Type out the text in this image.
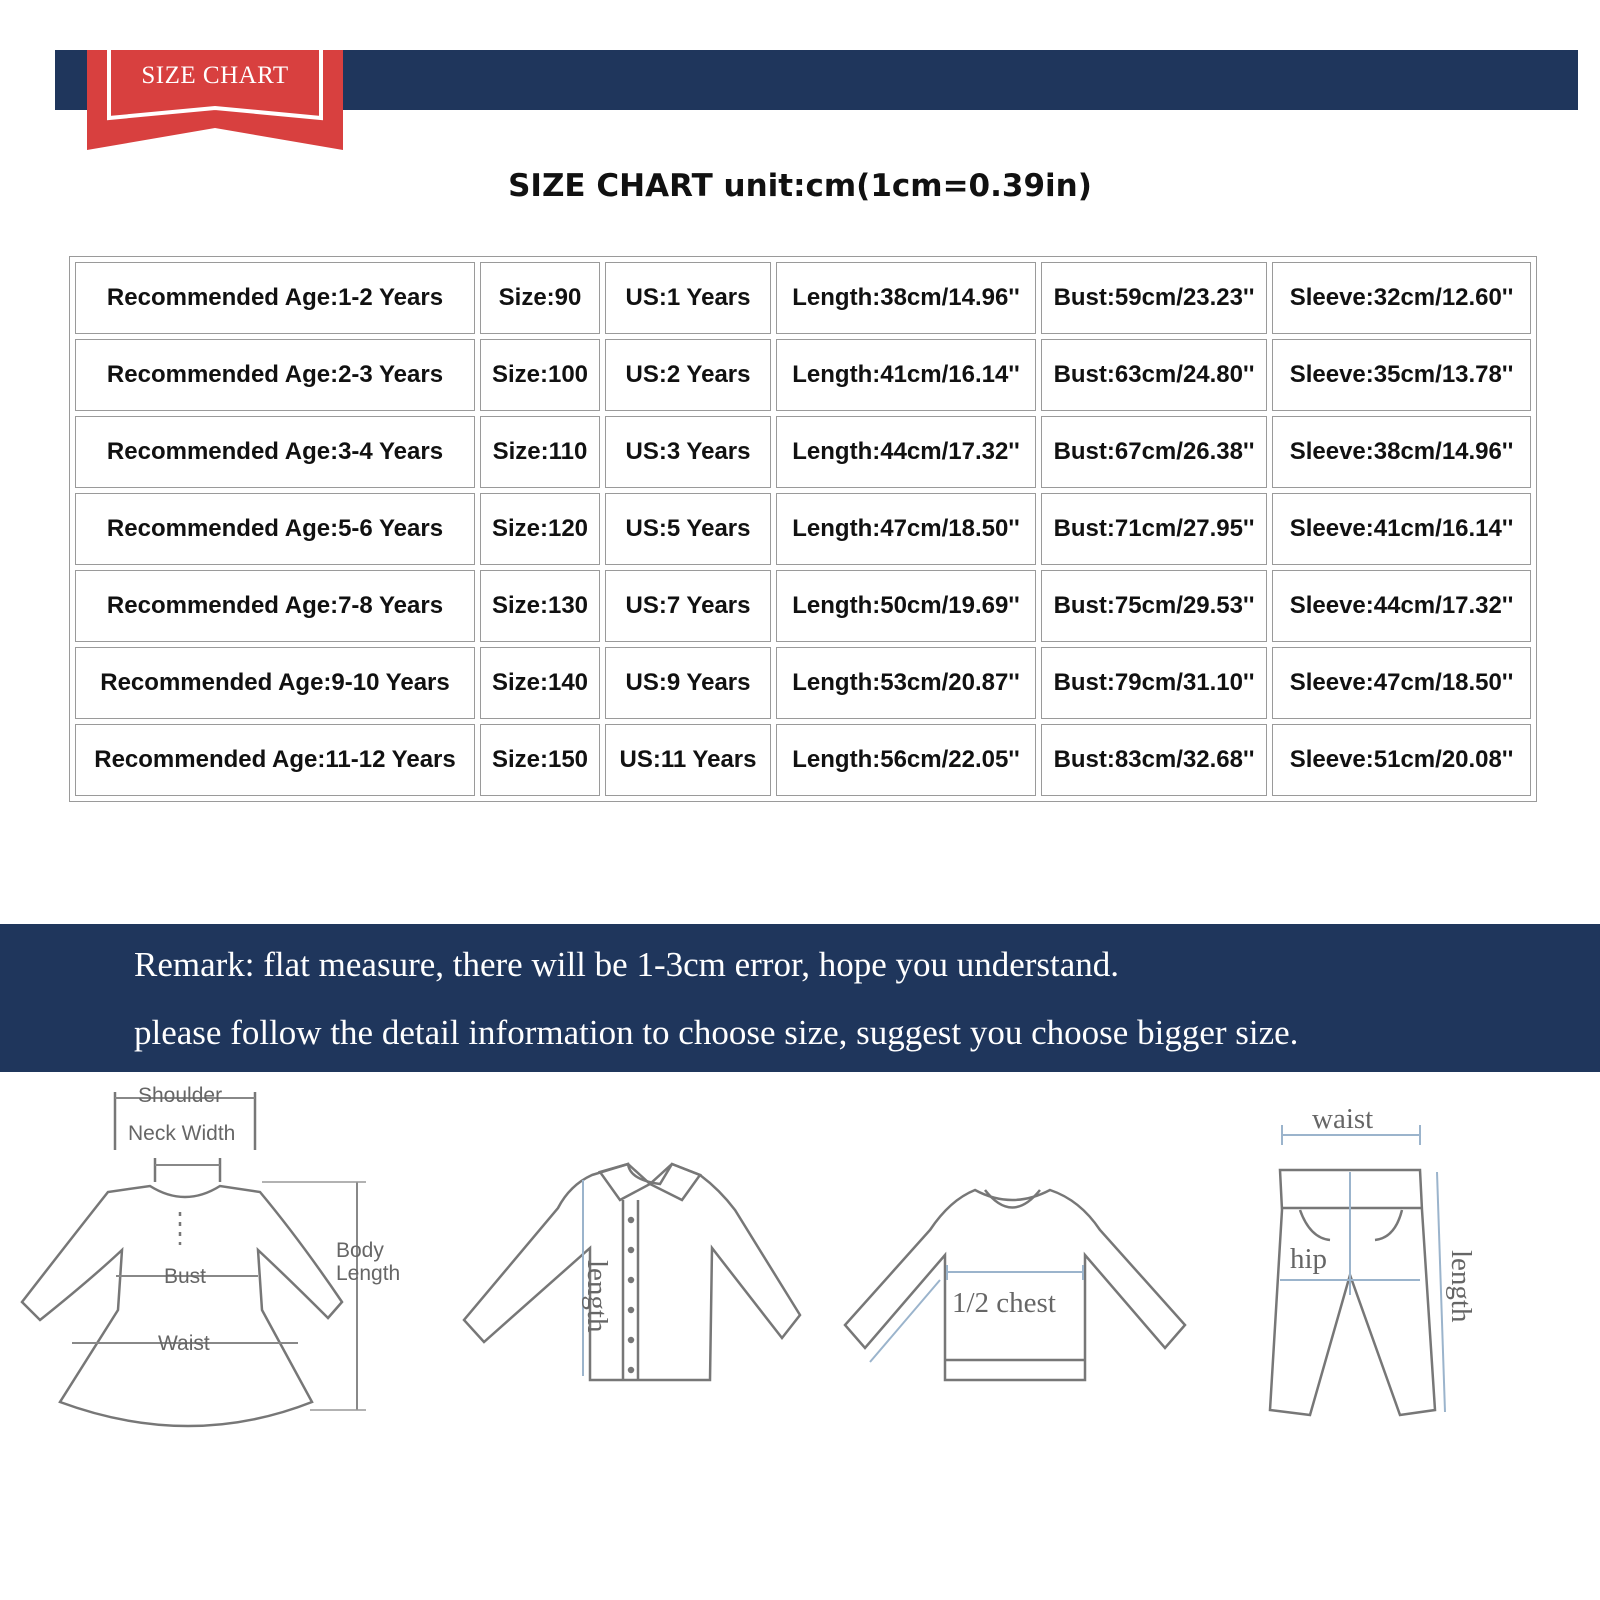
SIZE CHART
SIZE CHART unit:cm(1cm=0.39in)
Recommended Age:1-2 Years	Size:90	US:1 Years	Length:38cm/14.96''	Bust:59cm/23.23''	Sleeve:32cm/12.60''
Recommended Age:2-3 Years	Size:100	US:2 Years	Length:41cm/16.14''	Bust:63cm/24.80''	Sleeve:35cm/13.78''
Recommended Age:3-4 Years	Size:110	US:3 Years	Length:44cm/17.32''	Bust:67cm/26.38''	Sleeve:38cm/14.96''
Recommended Age:5-6 Years	Size:120	US:5 Years	Length:47cm/18.50''	Bust:71cm/27.95''	Sleeve:41cm/16.14''
Recommended Age:7-8 Years	Size:130	US:7 Years	Length:50cm/19.69''	Bust:75cm/29.53''	Sleeve:44cm/17.32''
Recommended Age:9-10 Years	Size:140	US:9 Years	Length:53cm/20.87''	Bust:79cm/31.10''	Sleeve:47cm/18.50''
Recommended Age:11-12 Years	Size:150	US:11 Years	Length:56cm/22.05''	Bust:83cm/32.68''	Sleeve:51cm/20.08''
Remark: flat measure, there will be 1-3cm error, hope you understand.
please follow the detail information to choose size, suggest you choose bigger size.
Shoulder
Neck Width
Bust
Waist
Body
Length	length	1/2 chest
waist
hip	length
